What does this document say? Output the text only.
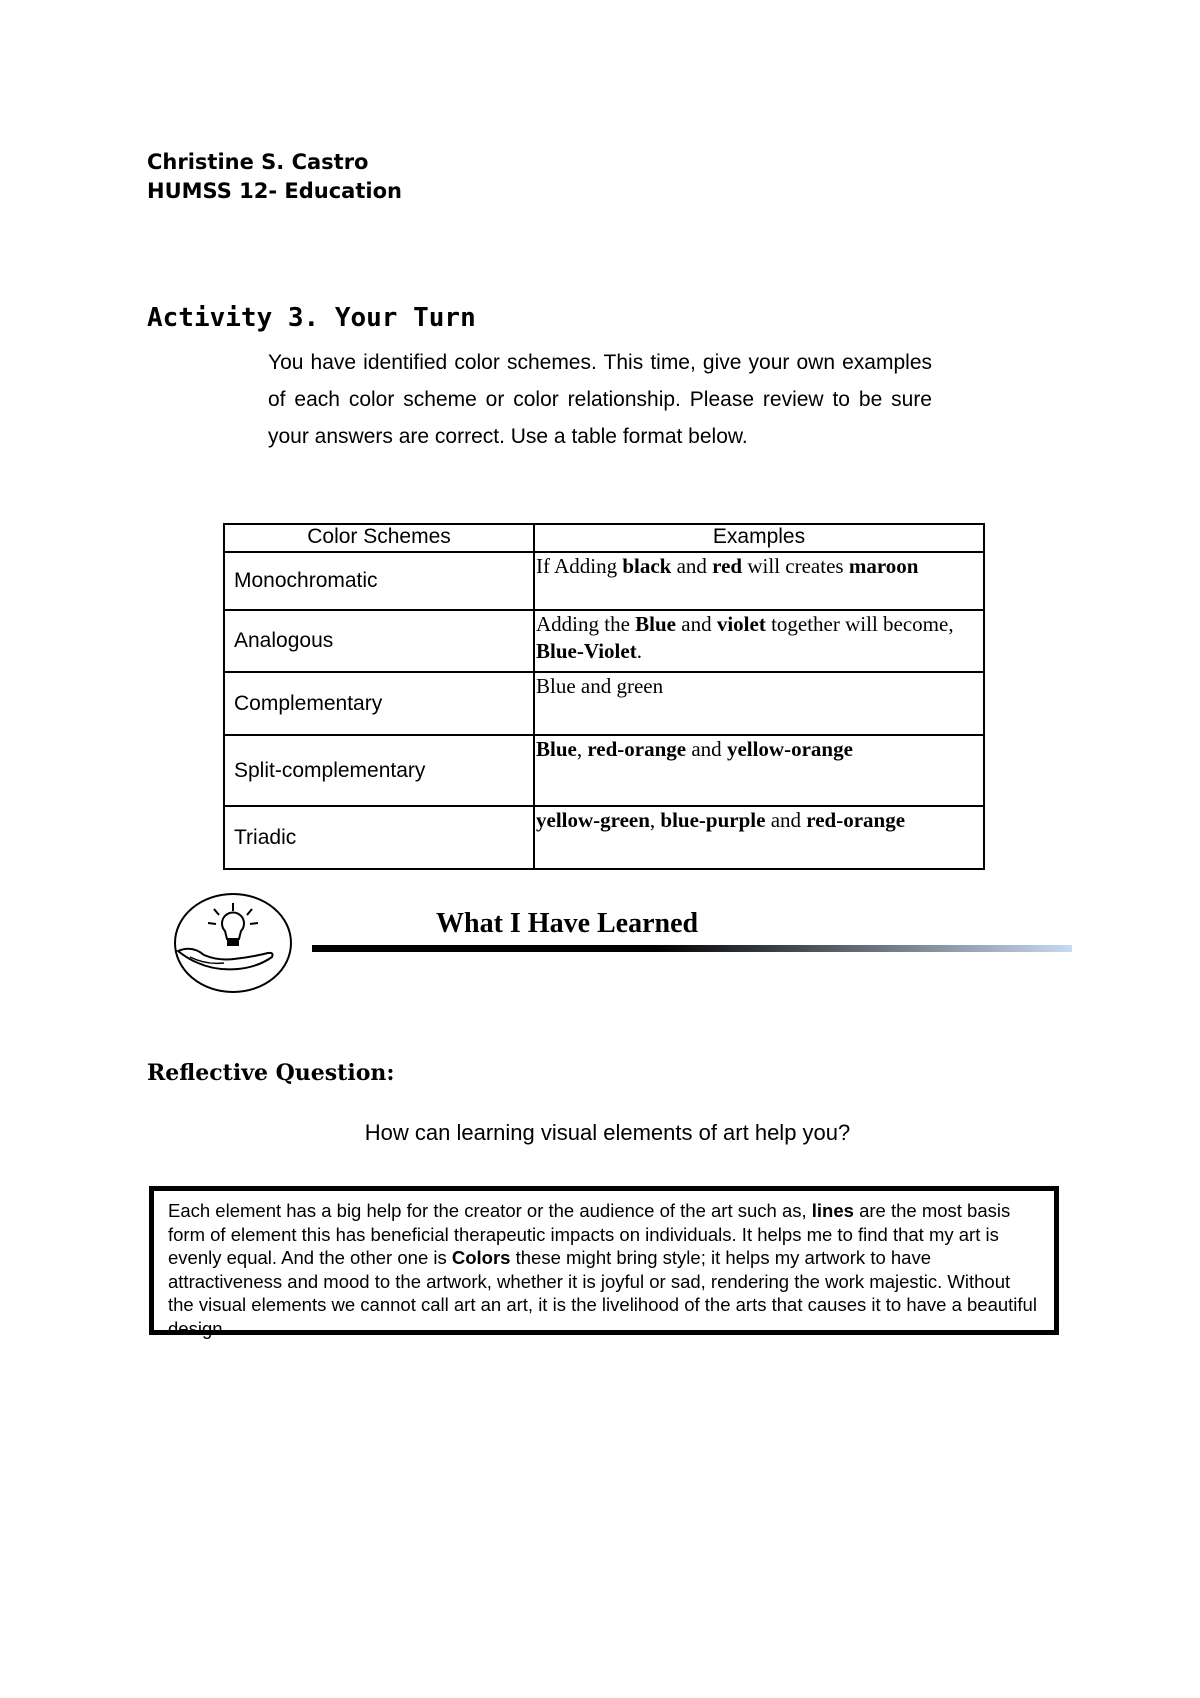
Christine S. Castro
HUMSS 12- Education
Activity 3. Your Turn
You have identified color schemes. This time, give your own examples of each color scheme or color relationship. Please review to be sure your answers are correct. Use a table format below.
Color Schemes	Examples
Monochromatic	If Adding black and red will creates maroon
Analogous	Adding the Blue and violet together will become, Blue-Violet.
Complementary	Blue and green
Split-complementary	Blue, red-orange and yellow-orange
Triadic	yellow-green, blue-purple and red-orange
What I Have Learned
Reflective Question:
How can learning visual elements of art help you?
Each element has a big help for the creator or the audience of the art such as, lines are the most basis form of element this has beneficial therapeutic impacts on individuals. It helps me to find that my art is evenly equal. And the other one is Colors these might bring style; it helps my artwork to have attractiveness and mood to the artwork, whether it is joyful or sad, rendering the work majestic. Without the visual elements we cannot call art an art, it is the livelihood of the arts that causes it to have a beautiful design.
